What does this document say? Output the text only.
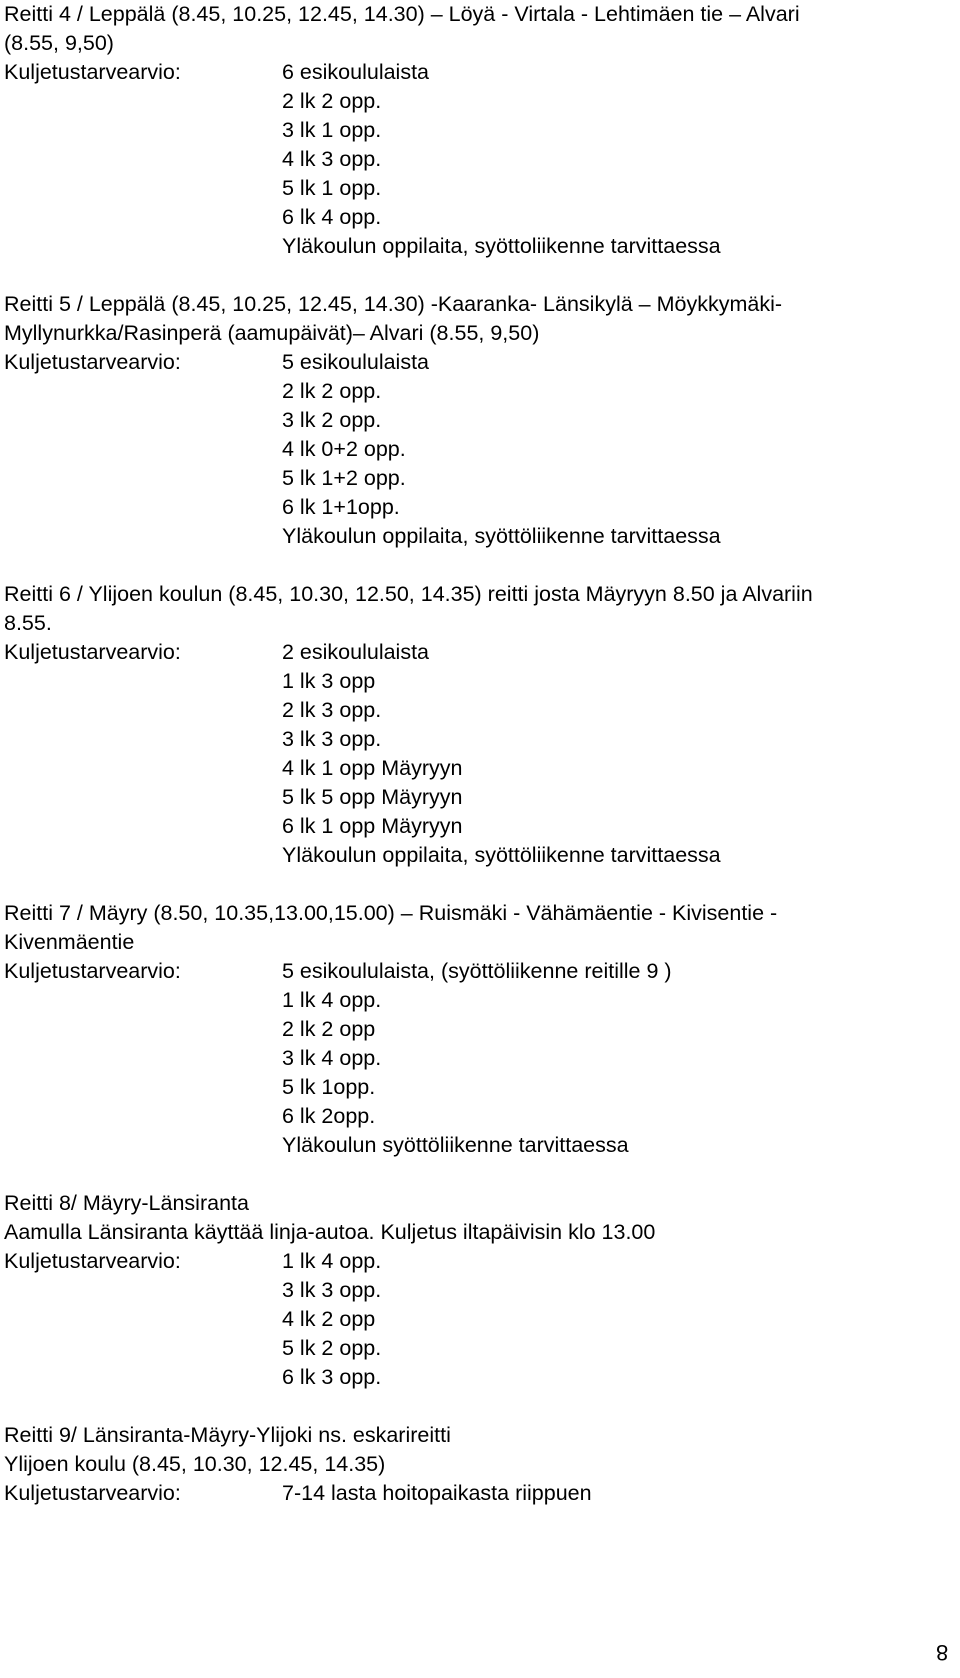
Reitti 4 / Leppälä (8.45, 10.25, 12.45, 14.30) – Löyä - Virtala - Lehtimäen tie – Alvari
(8.55, 9,50)
Kuljetustarvearvio:	6 esikoululaista
2 lk 2 opp.
3 lk 1 opp.
4 lk 3 opp.
5 lk 1 opp.
6 lk 4 opp.
Yläkoulun oppilaita, syöttoliikenne tarvittaessa
Reitti 5 / Leppälä (8.45, 10.25, 12.45, 14.30) -Kaaranka- Länsikylä – Möykkymäki-
Myllynurkka/Rasinperä (aamupäivät)– Alvari (8.55, 9,50)
Kuljetustarvearvio:	5 esikoululaista
2 lk 2 opp.
3 lk 2 opp.
4 lk 0+2 opp.
5 lk 1+2 opp.
6 lk 1+1opp.
Yläkoulun oppilaita, syöttöliikenne tarvittaessa
Reitti 6 / Ylijoen koulun (8.45, 10.30, 12.50, 14.35) reitti josta Mäyryyn 8.50 ja Alvariin
8.55.
Kuljetustarvearvio:	2 esikoululaista
1 lk 3 opp
2 lk 3 opp.
3 lk 3 opp.
4 lk 1 opp Mäyryyn
5 lk 5 opp Mäyryyn
6 lk 1 opp Mäyryyn
Yläkoulun oppilaita, syöttöliikenne tarvittaessa
Reitti 7 / Mäyry (8.50, 10.35,13.00,15.00) – Ruismäki - Vähämäentie - Kivisentie -
Kivenmäentie
Kuljetustarvearvio:	5 esikoululaista, (syöttöliikenne reitille 9 )
1 lk 4 opp.
2 lk 2 opp
3 lk 4 opp.
5 lk 1opp.
6 lk 2opp.
Yläkoulun syöttöliikenne tarvittaessa
Reitti 8/ Mäyry-Länsiranta
Aamulla Länsiranta käyttää linja-autoa. Kuljetus iltapäivisin klo 13.00
Kuljetustarvearvio:	1 lk 4 opp.
3 lk 3 opp.
4 lk 2 opp
5 lk 2 opp.
6 lk 3 opp.
Reitti 9/ Länsiranta-Mäyry-Ylijoki ns. eskarireitti
Ylijoen koulu (8.45, 10.30, 12.45, 14.35)
Kuljetustarvearvio:	7-14 lasta hoitopaikasta riippuen
8
